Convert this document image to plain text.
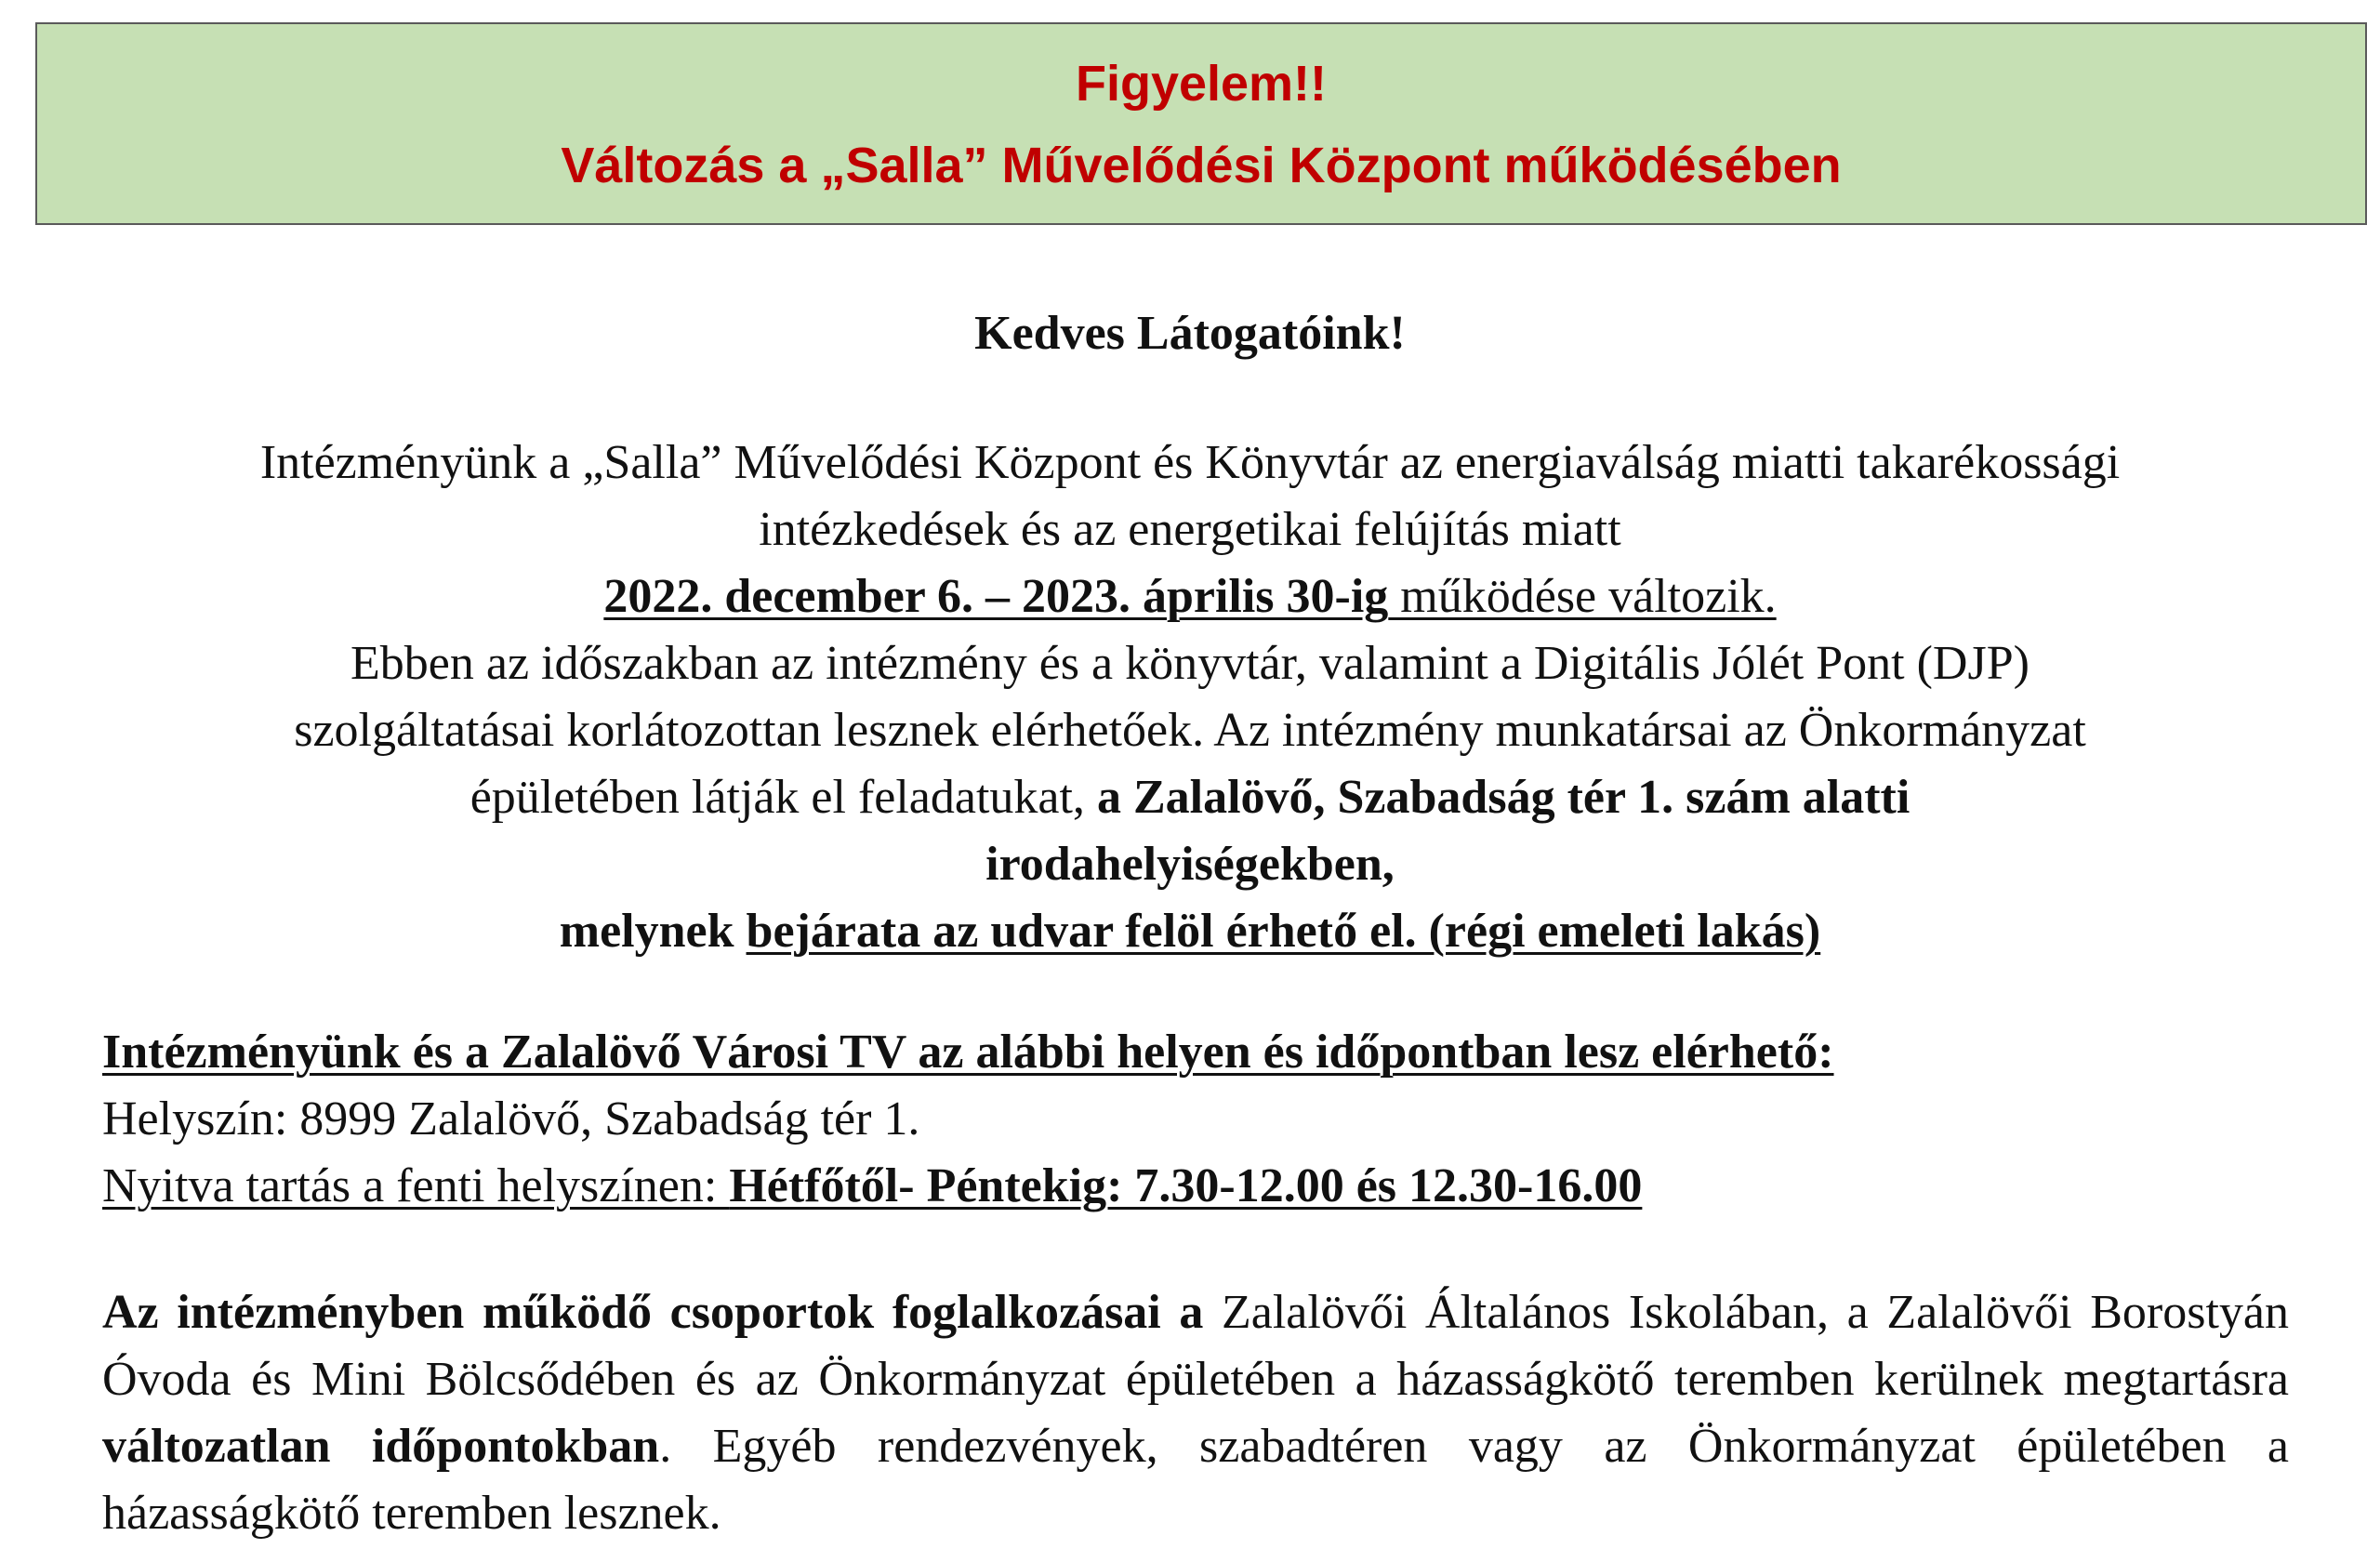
Figyelem!!
Változás a „Salla” Művelődési Központ működésében
Kedves Látogatóink!
Intézményünk a „Salla” Művelődési Központ és Könyvtár az energiaválság miatti takarékossági
intézkedések és az energetikai felújítás miatt
2022. december 6. – 2023. április 30-ig működése változik.
Ebben az időszakban az intézmény és a könyvtár, valamint a Digitális Jólét Pont (DJP)
szolgáltatásai korlátozottan lesznek elérhetőek. Az intézmény munkatársai az Önkormányzat
épületében látják el feladatukat, a Zalalövő, Szabadság tér 1. szám alatti
irodahelyiségekben,
melynek bejárata az udvar felöl érhető el. (régi emeleti lakás)
Intézményünk és a Zalalövő Városi TV az alábbi helyen és időpontban lesz elérhető:
Helyszín: 8999 Zalalövő, Szabadság tér 1.
Nyitva tartás a fenti helyszínen: Hétfőtől- Péntekig: 7.30-12.00 és 12.30-16.00
Az intézményben működő csoportok foglalkozásai a Zalalövői Általános Iskolában, a Zalalövői Borostyán Óvoda és Mini Bölcsődében és az Önkormányzat épületében a házasságkötő teremben kerülnek megtartásra változatlan időpontokban. Egyéb rendezvények, szabadtéren vagy az Önkormányzat épületében a házasságkötő teremben lesznek.
